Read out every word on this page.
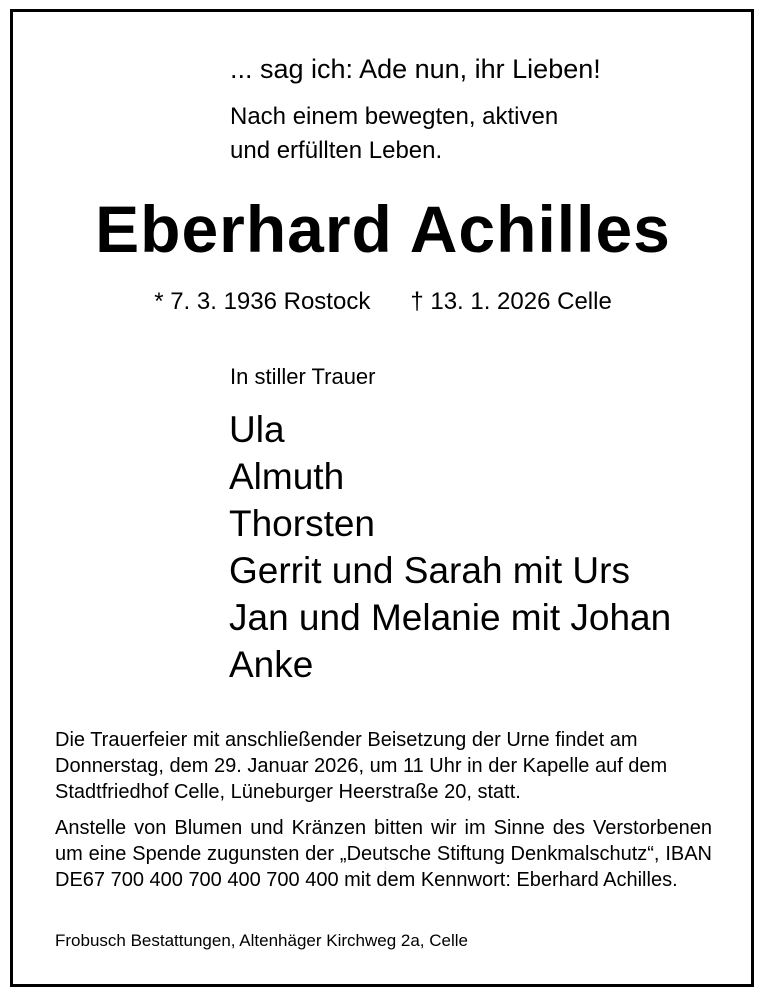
... sag ich: Ade nun, ihr Lieben!

Nach einem bewegten, aktiven

und erfüllten Leben.

Eberhard Achilles
* 7. 3. 1936 Rostock † 13. 1. 2026 Celle

In stiller Trauer

Ula
Almuth
Thorsten
Gerrit und Sarah mit Urs
Jan und Melanie mit Johan
Anke

Die Trauerfeier mit anschließender Beisetzung der Urne findet am Donnerstag, dem 29. Januar 2026, um 11 Uhr in der Kapelle auf dem Stadtfriedhof Celle, Lüneburger Heerstraße 20, statt.

Anstelle von Blumen und Kränzen bitten wir im Sinne des Verstorbenen um eine Spende zugunsten der „Deutsche Stiftung Denkmalschutz“, IBAN DE67 700 400 700 400 700 400 mit dem Kennwort: Eberhard Achilles.

Frobusch Bestattungen, Altenhäger Kirchweg 2a, Celle
